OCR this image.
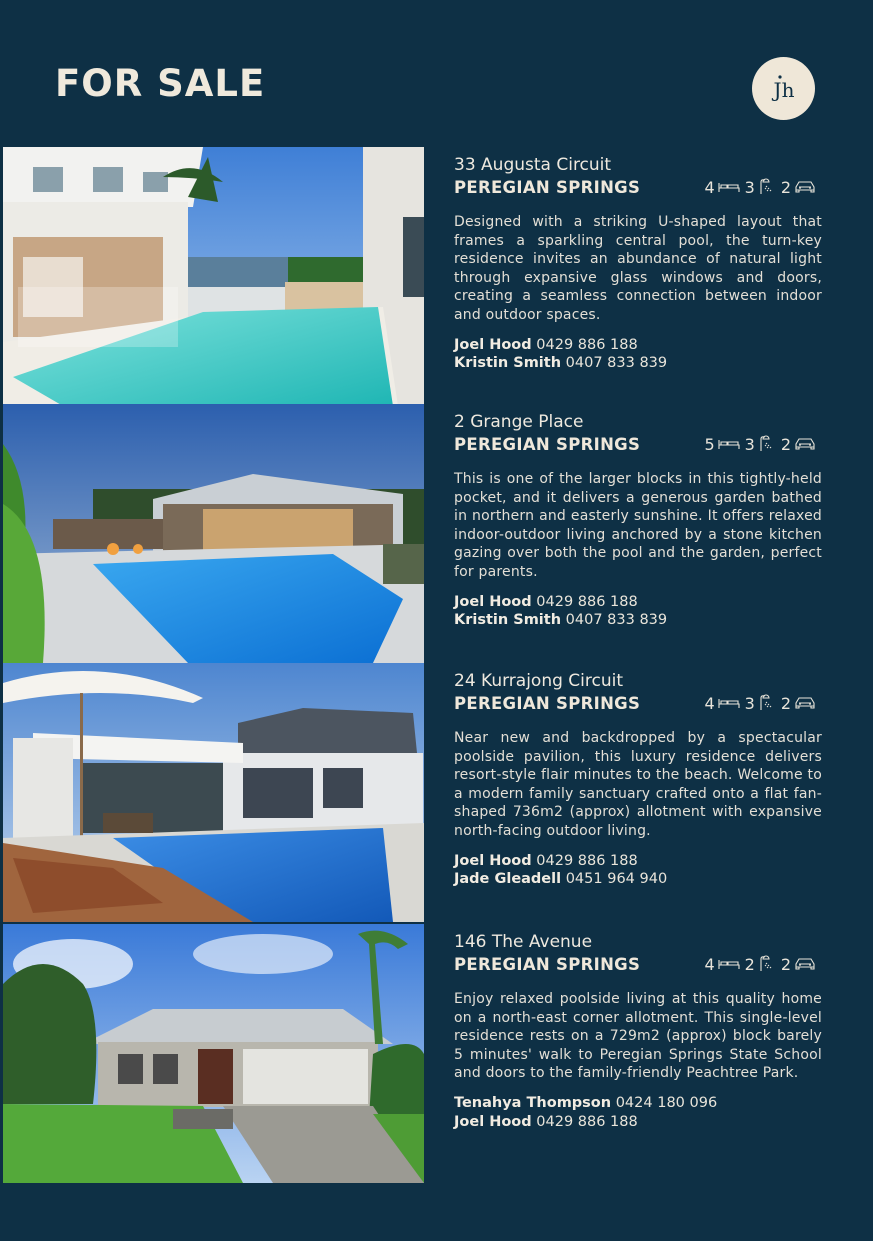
FOR SALE	Jh
33 Augusta Circuit
PEREGIAN SPRINGS	4 3 2

Designed with a striking U-shaped layout that frames a sparkling central pool, the turn-key residence invites an abundance of natural light through expansive glass windows and doors, creating a seamless connection between indoor and outdoor spaces.

Joel Hood 0429 886 188
Kristin Smith 0407 833 839
2 Grange Place
PEREGIAN SPRINGS	5 3 2

This is one of the larger blocks in this tightly-held pocket, and it delivers a generous garden bathed in northern and easterly sunshine. It offers relaxed indoor-outdoor living anchored by a stone kitchen gazing over both the pool and the garden, perfect for parents.

Joel Hood 0429 886 188
Kristin Smith 0407 833 839
24 Kurrajong Circuit
PEREGIAN SPRINGS	4 3 2

Near new and backdropped by a spectacular poolside pavilion, this luxury residence delivers resort-style flair minutes to the beach. Welcome to a modern family sanctuary crafted onto a flat fan-shaped 736m2 (approx) allotment with expansive north-facing outdoor living.

Joel Hood 0429 886 188
Jade Gleadell 0451 964 940
146 The Avenue
PEREGIAN SPRINGS	4 2 2

Enjoy relaxed poolside living at this quality home on a north-east corner allotment. This single-level residence rests on a 729m2 (approx) block barely 5 minutes' walk to Peregian Springs State School and doors to the family-friendly Peachtree Park.

Tenahya Thompson 0424 180 096
Joel Hood 0429 886 188
